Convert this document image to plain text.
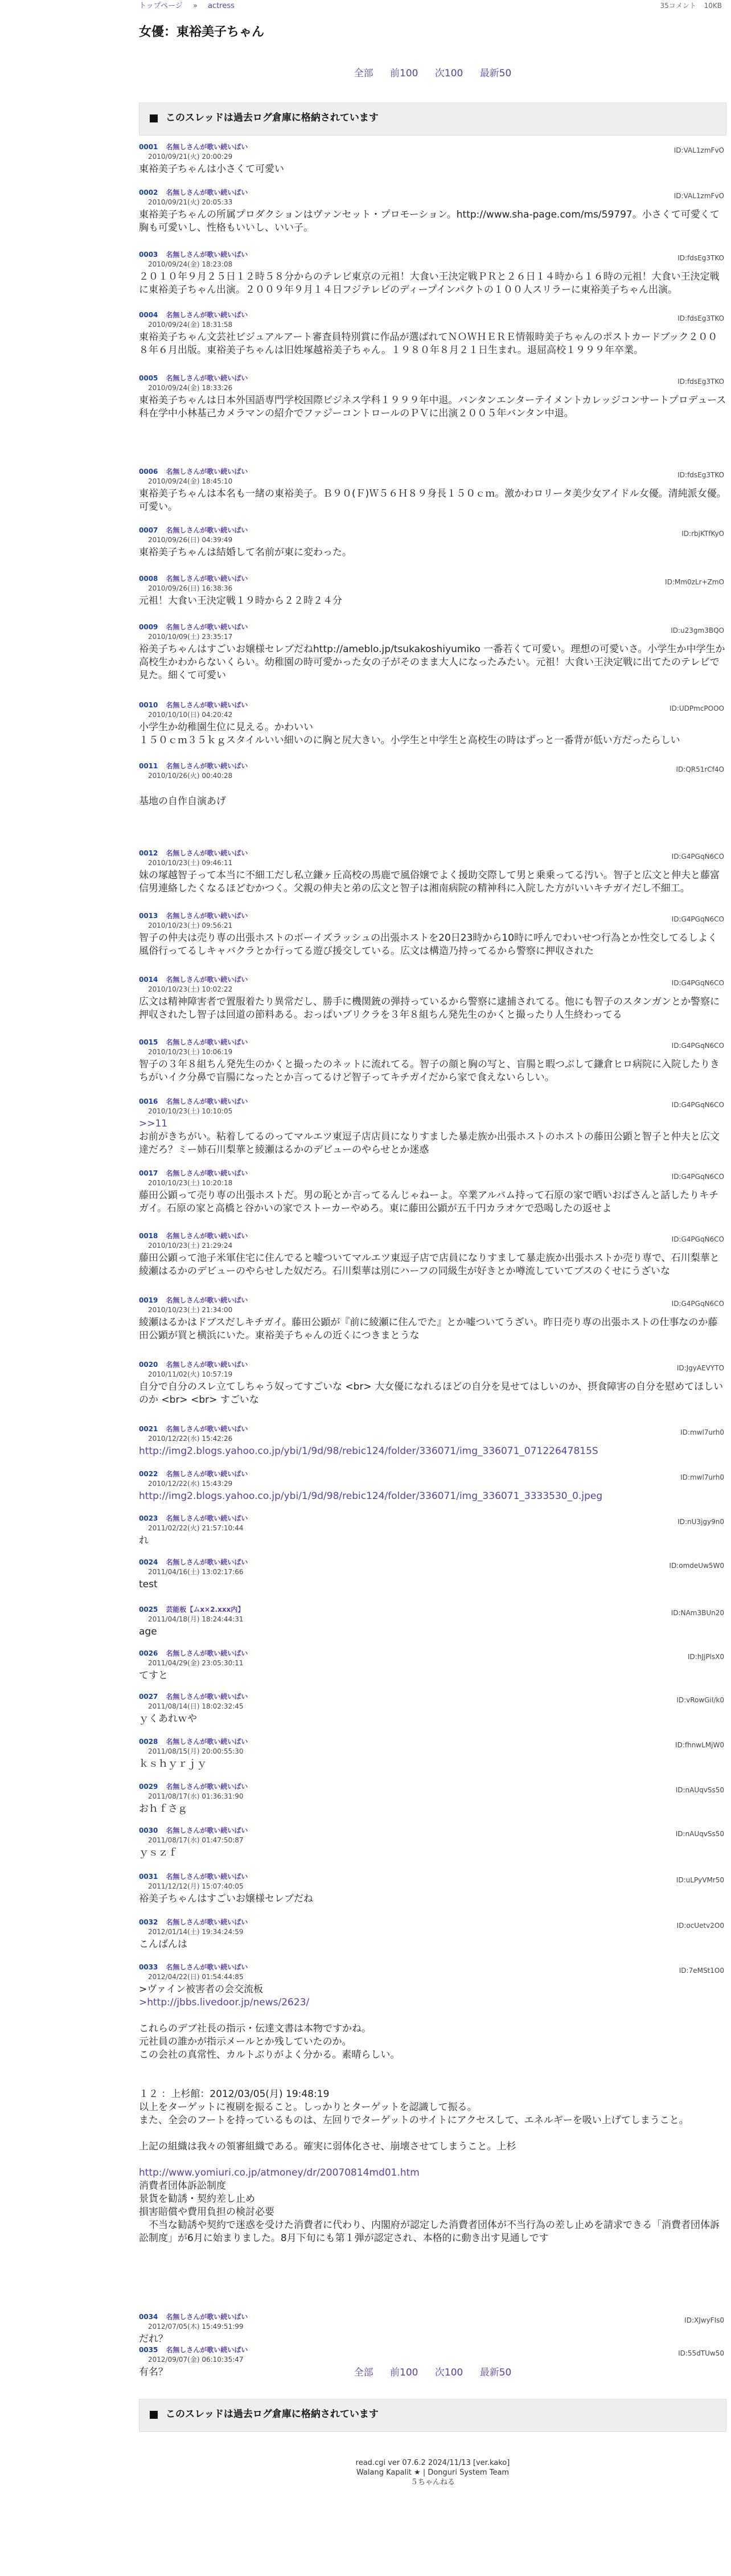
トップページ » actress	35コメント 10KB
女優：東裕美子ちゃん
全部 前100 次100 最新50
このスレッドは過去ログ倉庫に格納されています
0001 名無しさんが歌い続いぱい	ID:VAL1zmFvO
2010/09/21(火) 20:00:29
東裕美子ちゃんは小さくて可愛い
0002 名無しさんが歌い続いぱい	ID:VAL1zmFvO
2010/09/21(火) 20:05:33
東裕美子ちゃんの所属プロダクションはヴァンセット・プロモーション。http://www.sha-page.com/ms/59797。小さくて可愛くて胸も可愛いし、性格もいいし、いい子。
0003 名無しさんが歌い続いぱい	ID:fdsEg3TKO
2010/09/24(金) 18:23:08
２０１０年９月２５日１２時５８分からのテレビ東京の元祖！大食い王決定戦ＰＲと２６日１４時から１６時の元祖！大食い王決定戦に東裕美子ちゃん出演。２００９年９月１４日フジテレビのディープインパクトの１００人スリラーに東裕美子ちゃん出演。
0004 名無しさんが歌い続いぱい	ID:fdsEg3TKO
2010/09/24(金) 18:31:58
東裕美子ちゃん文芸社ビジュアルアート審査員特別賞に作品が選ばれてＮＯＷＨＥＲＥ情報時美子ちゃんのポストカードブック２００８年６月出版。東裕美子ちゃんは旧姓塚越裕美子ちゃん。１９８０年８月２１日生まれ。退屈高校１９９９年卒業。
0005 名無しさんが歌い続いぱい	ID:fdsEg3TKO
2010/09/24(金) 18:33:26
東裕美子ちゃんは日本外国語専門学校国際ビジネス学科１９９９年中退。バンタンエンターテイメントカレッジコンサートプロデュース科在学中小林基己カメラマンの紹介でファジーコントロールのＰＶに出演２００５年バンタン中退。
0006 名無しさんが歌い続いぱい	ID:fdsEg3TKO
2010/09/24(金) 18:45:10
東裕美子ちゃんは本名も一緒の東裕美子。Ｂ９０(Ｆ)Ｗ５６Ｈ８９身長１５０ｃｍ。激かわロリータ美少女アイドル女優。清純派女優。可愛い。
0007 名無しさんが歌い続いぱい	ID:rbjKTfKyO
2010/09/26(日) 04:39:49
東裕美子ちゃんは結婚して名前が東に変わった。
0008 名無しさんが歌い続いぱい	ID:Mm0zLr+ZmO
2010/09/26(日) 16:38:36
元祖！大食い王決定戦１９時から２２時２４分
0009 名無しさんが歌い続いぱい	ID:u23gm3BQO
2010/10/09(土) 23:35:17
裕美子ちゃんはすごいお嬢様セレブだねhttp://ameblo.jp/tsukakoshiyumiko 一番若くて可愛い。理想の可愛いさ。小学生か中学生か高校生かわからないくらい。幼稚園の時可愛かった女の子がそのまま大人になったみたい。元祖！大食い王決定戦に出てたのテレビで見た。細くて可愛い
0010 名無しさんが歌い続いぱい	ID:UDPmcPOOO
2010/10/10(日) 04:20:42
小学生か幼稚園生位に見える。かわいい
１５０ｃｍ３５ｋｇスタイルいい細いのに胸と尻大きい。小学生と中学生と高校生の時はずっと一番背が低い方だったらしい
0011 名無しさんが歌い続いぱい	ID:QR51rCf4O
2010/10/26(火) 00:40:28
基地の自作自演あげ
0012 名無しさんが歌い続いぱい	ID:G4PGqN6CO
2010/10/23(土) 09:46:11
妹の塚越智子って本当に不細工だし私立鎌ヶ丘高校の馬鹿で風俗嬢でよく援助交際して男と乗乗ってる汚い。智子と広文と伸夫と藤富信男連絡したくなるほどむかつく。父親の伸夫と弟の広文と智子は湘南病院の精神科に入院した方がいいキチガイだし不細工。
0013 名無しさんが歌い続いぱい	ID:G4PGqN6CO
2010/10/23(土) 09:56:21
智子の仲夫は売り専の出張ホストのボーイズラッシュの出張ホストを20日23時から10時に呼んでわいせつ行為とか性交してるしよく風俗行ってるしキャバクラとか行ってる遊び援交している。広文は構造乃持ってるから警察に押収された
0014 名無しさんが歌い続いぱい	ID:G4PGqN6CO
2010/10/23(土) 10:02:22
広文は精神障害者で置服着たり異常だし、勝手に機関銃の弾持っているから警察に逮捕されてる。他にも智子のスタンガンとか警察に押収されたし智子は回道の節料ある。おっぱいブリクラを３年８組ちん発先生のかくと撮ったり人生終わってる
0015 名無しさんが歌い続いぱい	ID:G4PGqN6CO
2010/10/23(土) 10:06:19
智子の３年８組ちん発先生のかくと撮ったのネットに流れてる。智子の顔と胸の写と、盲腸と暇つぶして鎌倉ヒロ病院に入院したりきちがいイク分鼻で盲腸になったとか言ってるけど智子ってキチガイだから家で食えないらしい。
0016 名無しさんが歌い続いぱい	ID:G4PGqN6CO
2010/10/23(土) 10:10:05
>>11
お前がきちがい。粘着してるのってマルエツ東逗子店店員になりすました暴走族か出張ホストのホストの藤田公顕と智子と仲夫と広文達だろ？ミー姉石川梨華と綾瀬はるかのデビューのやらせとか迷惑
0017 名無しさんが歌い続いぱい	ID:G4PGqN6CO
2010/10/23(土) 10:20:18
藤田公顕って売り専の出張ホストだ。男の恥とか言ってるんじゃねーよ。卒業アルバム持って石原の家で晒いおばさんと話したりキチガイ。石原の家と高橋と谷かいの家でストーカーやめろ。東に藤田公顕が五千円カラオケで恐喝したの返せよ
0018 名無しさんが歌い続いぱい	ID:G4PGqN6CO
2010/10/23(土) 21:29:24
藤田公顕って池子米軍住宅に住んでると嘘ついてマルエツ東逗子店で店員になりすまして暴走族か出張ホストか売り専で、石川梨華と綾瀬はるかのデビューのやらせした奴だろ。石川梨華は別にハーフの同級生が好きとか噂流していてブスのくせにうざいな
0019 名無しさんが歌い続いぱい	ID:G4PGqN6CO
2010/10/23(土) 21:34:00
綾瀬はるかはドブスだしキチガイ。藤田公顕が『前に綾瀬に住んでた』とか嘘ついてうざい。昨日売り専の出張ホストの仕事なのか藤田公顕が買と横浜にいた。東裕美子ちゃんの近くにつきまとうな
0020 名無しさんが歌い続いぱい	ID:JgyAEVYTO
2010/11/02(火) 10:57:19
自分で自分のスレ立てしちゃう奴ってすごいな <br> 大女優になれるほどの自分を見せてはしいのか、摂食障害の自分を慰めてほしいのか <br> <br> すごいな
0021 名無しさんが歌い続いぱい	ID:mwl7urh0
2010/12/22(水) 15:42:26
http://img2.blogs.yahoo.co.jp/ybi/1/9d/98/rebic124/folder/336071/img_336071_07122647815S
0022 名無しさんが歌い続いぱい	ID:mwl7urh0
2010/12/22(水) 15:43:29
http://img2.blogs.yahoo.co.jp/ybi/1/9d/98/rebic124/folder/336071/img_336071_3333530_0.jpeg
0023 名無しさんが歌い続いぱい	ID:nU3jgy9n0
2011/02/22(火) 21:57:10:44
れ
0024 名無しさんが歌い続いぱい	ID:omdeUw5W0
2011/04/16(土) 13:02:17:66
test
0025 芸能板【ムx×2.xxx内】	ID:NAm3BUn20
2011/04/18(月) 18:24:44:31
age
0026 名無しさんが歌い続いぱい	ID:hJjPlsX0
2011/04/29(金) 23:05:30:11
てすと
0027 名無しさんが歌い続いぱい	ID:vRowGiI/k0
2011/08/14(日) 18:02:32:45
ｙくあれｗや
0028 名無しさんが歌い続いぱい	ID:fhnwLMjW0
2011/08/15(月) 20:00:55:30
ｋｓｈｙｒｊｙ
0029 名無しさんが歌い続いぱい	ID:nAUqvSs50
2011/08/17(水) 01:36:31:90
おｈｆさｇ
0030 名無しさんが歌い続いぱい	ID:nAUqvSs50
2011/08/17(水) 01:47:50:87
ｙｓｚｆ
0031 名無しさんが歌い続いぱい	ID:uLPyVMr50
2011/12/12(月) 15:07:40:05
裕美子ちゃんはすごいお嬢様セレブだね
0032 名無しさんが歌い続いぱい	ID:ocUetv2O0
2012/01/14(土) 19:34:24:59
こんばんは
0033 名無しさんが歌い続いぱい	ID:7eMSt1O0
2012/04/22(日) 01:54:44:85
>ヴァイン被害者の会交流板
>http://jbbs.livedoor.jp/news/2623/
これらのデブ社長の指示・伝達文書は本物ですかね。
元社員の誰かが指示メールとか残していたのか。
この会社の真常性、カルトぶりがよく分かる。素晴らしい。
１２ ：上杉館：2012/03/05(月) 19:48:19
以上をターゲットに複刷を振ること。しっかりとターゲットを認識して振る。
また、全会のフートを持っているものは、左回りでターゲットのサイトにアクセスして、エネルギーを吸い上げてしまうこと。
上記の組織は我々の領審組織である。確実に弱体化させ、崩壊させてしまうこと。上杉
http://www.yomiuri.co.jp/atmoney/dr/20070814md01.htm
消費者団体訴訟制度
景貨を勧誘・契約差し止め
損害賠償や費用負担の検討必要
　不当な勧誘や契約で迷惑を受けた消費者に代わり、内閣府が認定した消費者団体が不当行為の差し止めを請求できる「消費者団体訴訟制度」が6月に始まりました。8月下旬にも第１弾が認定され、本格的に動き出す見通しです
0034 名無しさんが歌い続いぱい	ID:XJwyFIs0
2012/07/05(木) 15:49:51:99
だれ？
0035 名無しさんが歌い続いぱい	ID:55dTUw50
2012/09/07(金) 06:10:35:47
有名？	全部 前100 次100 最新50
このスレッドは過去ログ倉庫に格納されています
read.cgi ver 07.6.2 2024/11/13 [ver.kako]
Walang Kapalit ★ | Donguri System Team
５ちゃんねる
